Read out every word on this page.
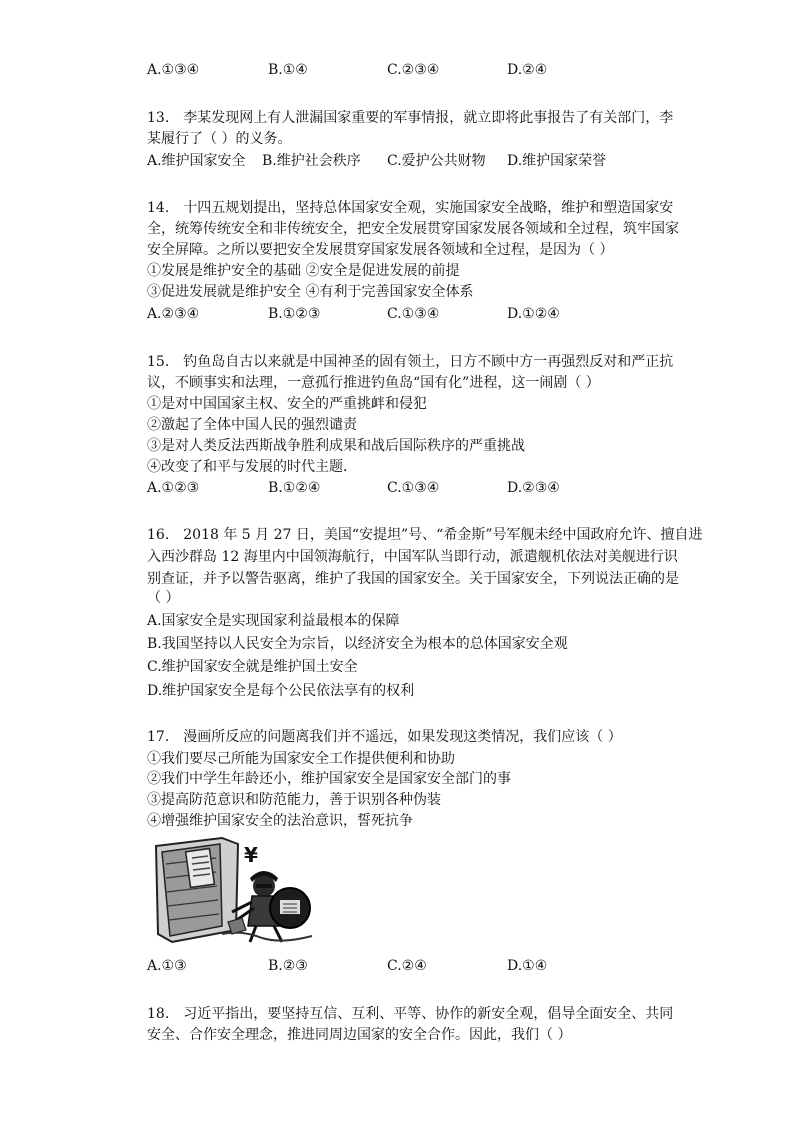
A.①③④	B.①④	C.②③④	D.②④
13.　李某发现网上有人泄漏国家重要的军事情报，就立即将此事报告了有关部门，李
某履行了（ ）的义务。
A.维护国家安全 B.维护社会秩序 C.爱护公共财物 D.维护国家荣誉
14.　十四五规划提出，坚持总体国家安全观，实施国家安全战略，维护和塑造国家安
全，统筹传统安全和非传统安全，把安全发展贯穿国家发展各领域和全过程，筑牢国家
安全屏障。之所以要把安全发展贯穿国家发展各领域和全过程，是因为（ ）
①发展是维护安全的基础 ②安全是促进发展的前提
③促进发展就是维护安全 ④有利于完善国家安全体系
A.②③④	B.①②③	C.①③④	D.①②④
15.　钓鱼岛自古以来就是中国神圣的固有领土，日方不顾中方一再强烈反对和严正抗
议，不顾事实和法理，一意孤行推进钓鱼岛“国有化”进程，这一闹剧（ ）
①是对中国国家主权、安全的严重挑衅和侵犯
②激起了全体中国人民的强烈谴责
③是对人类反法西斯战争胜利成果和战后国际秩序的严重挑战
④改变了和平与发展的时代主题．
A.①②③	B.①②④	C.①③④	D.②③④
16.　2018 年 5 月 27 日，美国“安提坦”号、“希金斯”号军舰未经中国政府允许、擅自进
入西沙群岛 12 海里内中国领海航行，中国军队当即行动，派遣舰机依法对美舰进行识
别查证，并予以警告驱离，维护了我国的国家安全。关于国家安全，下列说法正确的是
（ ）
A.国家安全是实现国家利益最根本的保障
B.我国坚持以人民安全为宗旨，以经济安全为根本的总体国家安全观
C.维护国家安全就是维护国土安全
D.维护国家安全是每个公民依法享有的权利
17.　漫画所反应的问题离我们并不遥远，如果发现这类情况，我们应该（ ）
①我们要尽己所能为国家安全工作提供便利和协助
②我们中学生年龄还小，维护国家安全是国家安全部门的事
③提高防范意识和防范能力，善于识别各种伪装
④增强维护国家安全的法治意识，誓死抗争
¥
A.①③	B.②③	C.②④	D.①④
18.　习近平指出，要坚持互信、互利、平等、协作的新安全观，倡导全面安全、共同
安全、合作安全理念，推进同周边国家的安全合作。因此，我们（ ）
